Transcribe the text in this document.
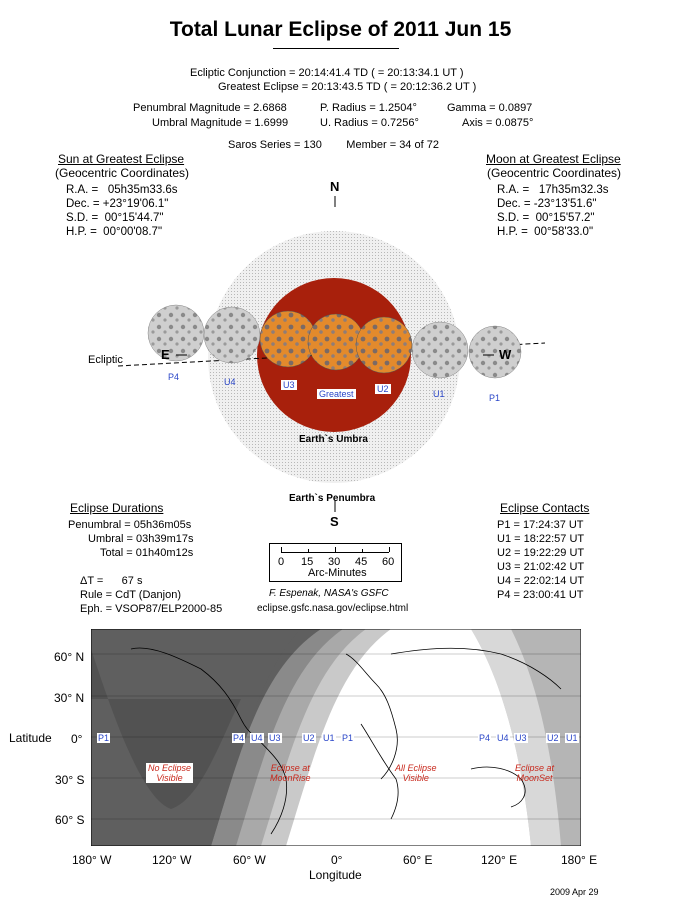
Total Lunar Eclipse of 2011 Jun 15
Ecliptic Conjunction = 20:14:41.4 TD ( = 20:13:34.1 UT )
Greatest Eclipse = 20:13:43.5 TD ( = 20:12:36.2 UT )
Penumbral Magnitude = 2.6868
Umbral Magnitude = 1.6999
P. Radius = 1.2504°
U. Radius = 0.7256°
Gamma = 0.0897
Axis = 0.0875°
Saros Series = 130        Member = 34 of 72
Sun at Greatest Eclipse
(Geocentric Coordinates)
R.A. =   05h35m33.6s
Dec. = +23°19'06.1"
S.D. =  00°15'44.7"
H.P. =  00°00'08.7"
Moon at Greatest Eclipse
(Geocentric Coordinates)
R.A. =   17h35m32.3s
Dec. = -23°13'51.6"
S.D. =  00°15'57.2"
H.P. =  00°58'33.0"
N
S
E	W
Ecliptic
P4	U4	U3
Greatest	U2	U1	P1
Earth`s Umbra
Earth`s Penumbra
Eclipse Durations
Penumbral = 05h36m05s
Umbral = 03h39m17s
Total = 01h40m12s
ΔT =      67 s
Rule = CdT (Danjon)
Eph. = VSOP87/ELP2000-85
0 15 30 45 60
Arc-Minutes
F. Espenak, NASA's GSFC
eclipse.gsfc.nasa.gov/eclipse.html
Eclipse Contacts
P1 = 17:24:37 UT
U1 = 18:22:57 UT
U2 = 19:22:29 UT
U3 = 21:02:42 UT
U4 = 22:02:14 UT
P4 = 23:00:41 UT
P1	P4 U4 U3 U2 U1 P1	P4 U4 U3 U2 U1
No Eclipse
Visible
Eclipse at
MoonRise
All Eclipse
Visible
Eclipse at
MoonSet
60° N
30° N
0°
30° S
60° S
Latitude
180° W	120° W	60° W	0°	60° E	120° E	180° E
Longitude
2009 Apr 29
